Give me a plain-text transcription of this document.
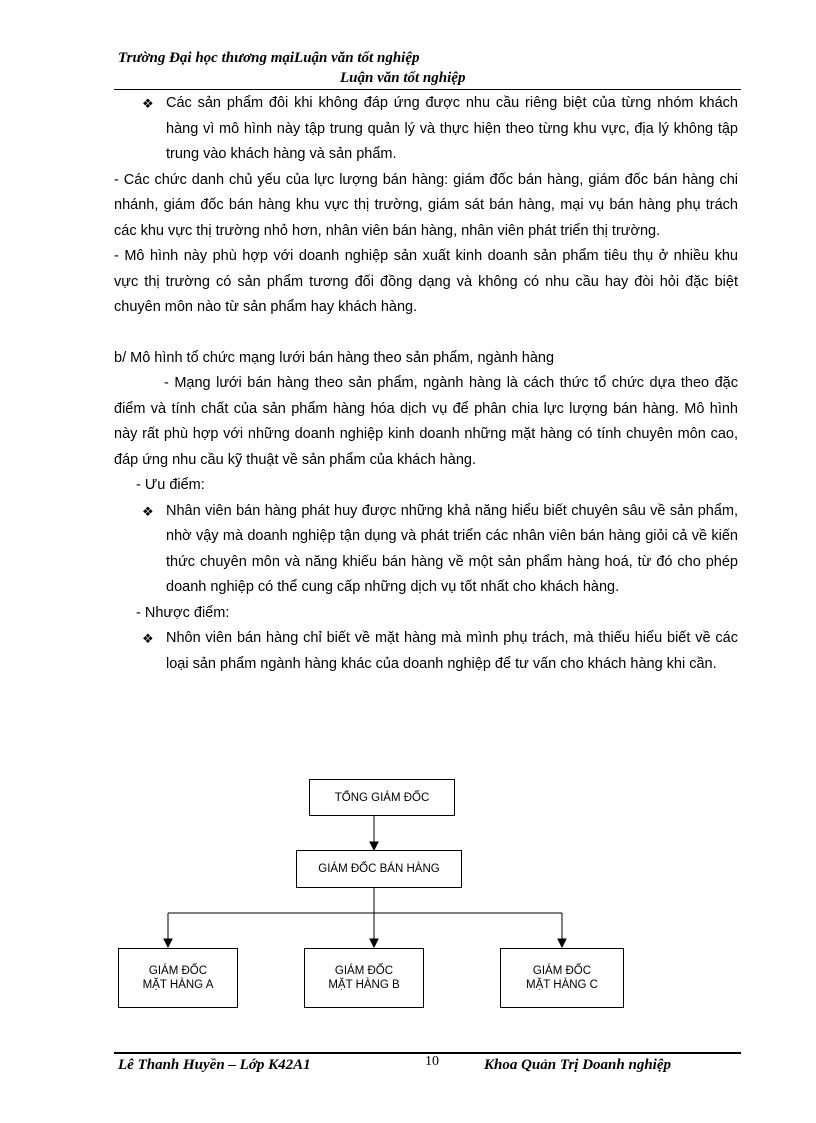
Trường Đại học thương mạiLuận văn tốt nghiệp
Luận văn tốt nghiệp
❖ Các sản phẩm đôi khi không đáp ứng được nhu cầu riêng biệt của từng nhóm khách hàng vì mô hình này tập trung quản lý và thực hiện theo từng khu vực, địa lý không tập trung vào khách hàng và sản phẩm.
- Các chức danh chủ yếu của lực lượng bán hàng: giám đốc bán hàng, giám đốc bán hàng chi nhánh, giám đốc bán hàng khu vực thị trường, giám sát bán hàng, mại vụ bán hàng phụ trách các khu vực thị trường nhỏ hơn, nhân viên bán hàng, nhân viên phát triển thị trường.
- Mô hình này phù hợp với doanh nghiệp sản xuất kinh doanh sản phẩm tiêu thụ ở nhiều khu vực thị trường có sản phẩm tương đối đồng dạng và không có nhu cầu hay đòi hỏi đặc biệt chuyên môn nào từ sản phẩm hay khách hàng.
b/ Mô hình tổ chức mạng lưới bán hàng theo sản phẩm, ngành hàng
- Mạng lưới bán hàng theo sản phẩm, ngành hàng là cách thức tổ chức dựa theo đặc điểm và tính chất của sản phẩm hàng hóa dịch vụ để phân chia lực lượng bán hàng. Mô hình này rất phù hợp với những doanh nghiệp kinh doanh những mặt hàng có tính chuyên môn cao, đáp ứng nhu cầu kỹ thuật về sản phẩm của khách hàng.
- Ưu điểm:
❖ Nhân viên bán hàng phát huy được những khả năng hiểu biết chuyên sâu về sản phẩm, nhờ vậy mà doanh nghiệp tận dụng và phát triển các nhân viên bán hàng giỏi cả về kiến thức chuyên môn và năng khiếu bán hàng về một sản phẩm hàng hoá, từ đó cho phép doanh nghiệp có thể cung cấp những dịch vụ tốt nhất cho khách hàng.
- Nhược điểm:
❖ Nhôn viên bán hàng chỉ biết về mặt hàng mà mình phụ trách, mà thiếu hiểu biết về các loại sản phẩm ngành hàng khác của doanh nghiệp để tư vấn cho khách hàng khi cần.
TỔNG GIÁM ĐỐC
GIÁM ĐỐC BÁN HÀNG
GIÁM ĐỐC
MẶT HÀNG A
GIÁM ĐỐC
MẶT HÀNG B
GIÁM ĐỐC
MẶT HÀNG C
Lê Thanh Huyền – Lớp K42A1	10	Khoa Quản Trị Doanh nghiệp
